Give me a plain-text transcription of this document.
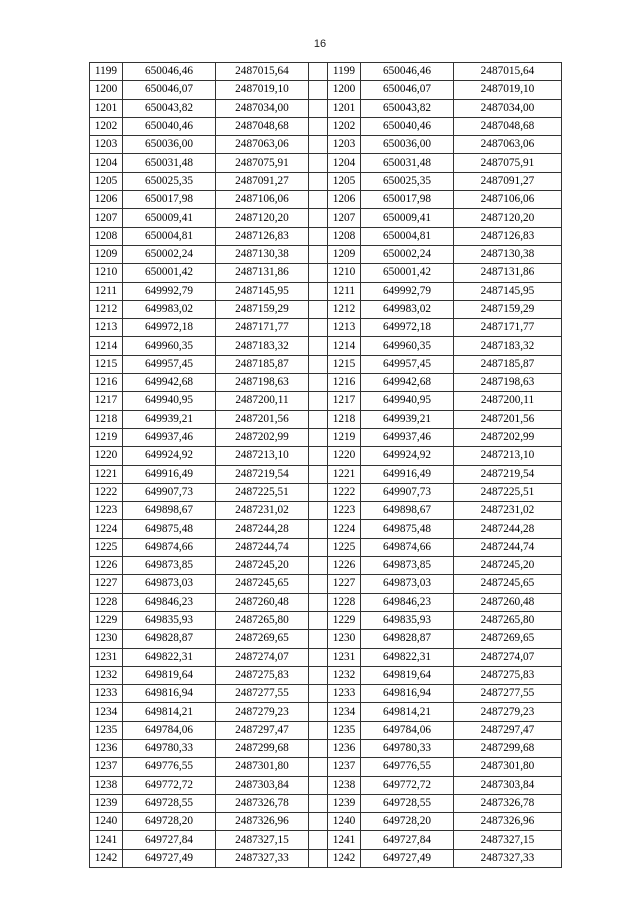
16
1199	650046,46	2487015,64		1199	650046,46	2487015,64
1200	650046,07	2487019,10		1200	650046,07	2487019,10
1201	650043,82	2487034,00		1201	650043,82	2487034,00
1202	650040,46	2487048,68		1202	650040,46	2487048,68
1203	650036,00	2487063,06		1203	650036,00	2487063,06
1204	650031,48	2487075,91		1204	650031,48	2487075,91
1205	650025,35	2487091,27		1205	650025,35	2487091,27
1206	650017,98	2487106,06		1206	650017,98	2487106,06
1207	650009,41	2487120,20		1207	650009,41	2487120,20
1208	650004,81	2487126,83		1208	650004,81	2487126,83
1209	650002,24	2487130,38		1209	650002,24	2487130,38
1210	650001,42	2487131,86		1210	650001,42	2487131,86
1211	649992,79	2487145,95		1211	649992,79	2487145,95
1212	649983,02	2487159,29		1212	649983,02	2487159,29
1213	649972,18	2487171,77		1213	649972,18	2487171,77
1214	649960,35	2487183,32		1214	649960,35	2487183,32
1215	649957,45	2487185,87		1215	649957,45	2487185,87
1216	649942,68	2487198,63		1216	649942,68	2487198,63
1217	649940,95	2487200,11		1217	649940,95	2487200,11
1218	649939,21	2487201,56		1218	649939,21	2487201,56
1219	649937,46	2487202,99		1219	649937,46	2487202,99
1220	649924,92	2487213,10		1220	649924,92	2487213,10
1221	649916,49	2487219,54		1221	649916,49	2487219,54
1222	649907,73	2487225,51		1222	649907,73	2487225,51
1223	649898,67	2487231,02		1223	649898,67	2487231,02
1224	649875,48	2487244,28		1224	649875,48	2487244,28
1225	649874,66	2487244,74		1225	649874,66	2487244,74
1226	649873,85	2487245,20		1226	649873,85	2487245,20
1227	649873,03	2487245,65		1227	649873,03	2487245,65
1228	649846,23	2487260,48		1228	649846,23	2487260,48
1229	649835,93	2487265,80		1229	649835,93	2487265,80
1230	649828,87	2487269,65		1230	649828,87	2487269,65
1231	649822,31	2487274,07		1231	649822,31	2487274,07
1232	649819,64	2487275,83		1232	649819,64	2487275,83
1233	649816,94	2487277,55		1233	649816,94	2487277,55
1234	649814,21	2487279,23		1234	649814,21	2487279,23
1235	649784,06	2487297,47		1235	649784,06	2487297,47
1236	649780,33	2487299,68		1236	649780,33	2487299,68
1237	649776,55	2487301,80		1237	649776,55	2487301,80
1238	649772,72	2487303,84		1238	649772,72	2487303,84
1239	649728,55	2487326,78		1239	649728,55	2487326,78
1240	649728,20	2487326,96		1240	649728,20	2487326,96
1241	649727,84	2487327,15		1241	649727,84	2487327,15
1242	649727,49	2487327,33		1242	649727,49	2487327,33
